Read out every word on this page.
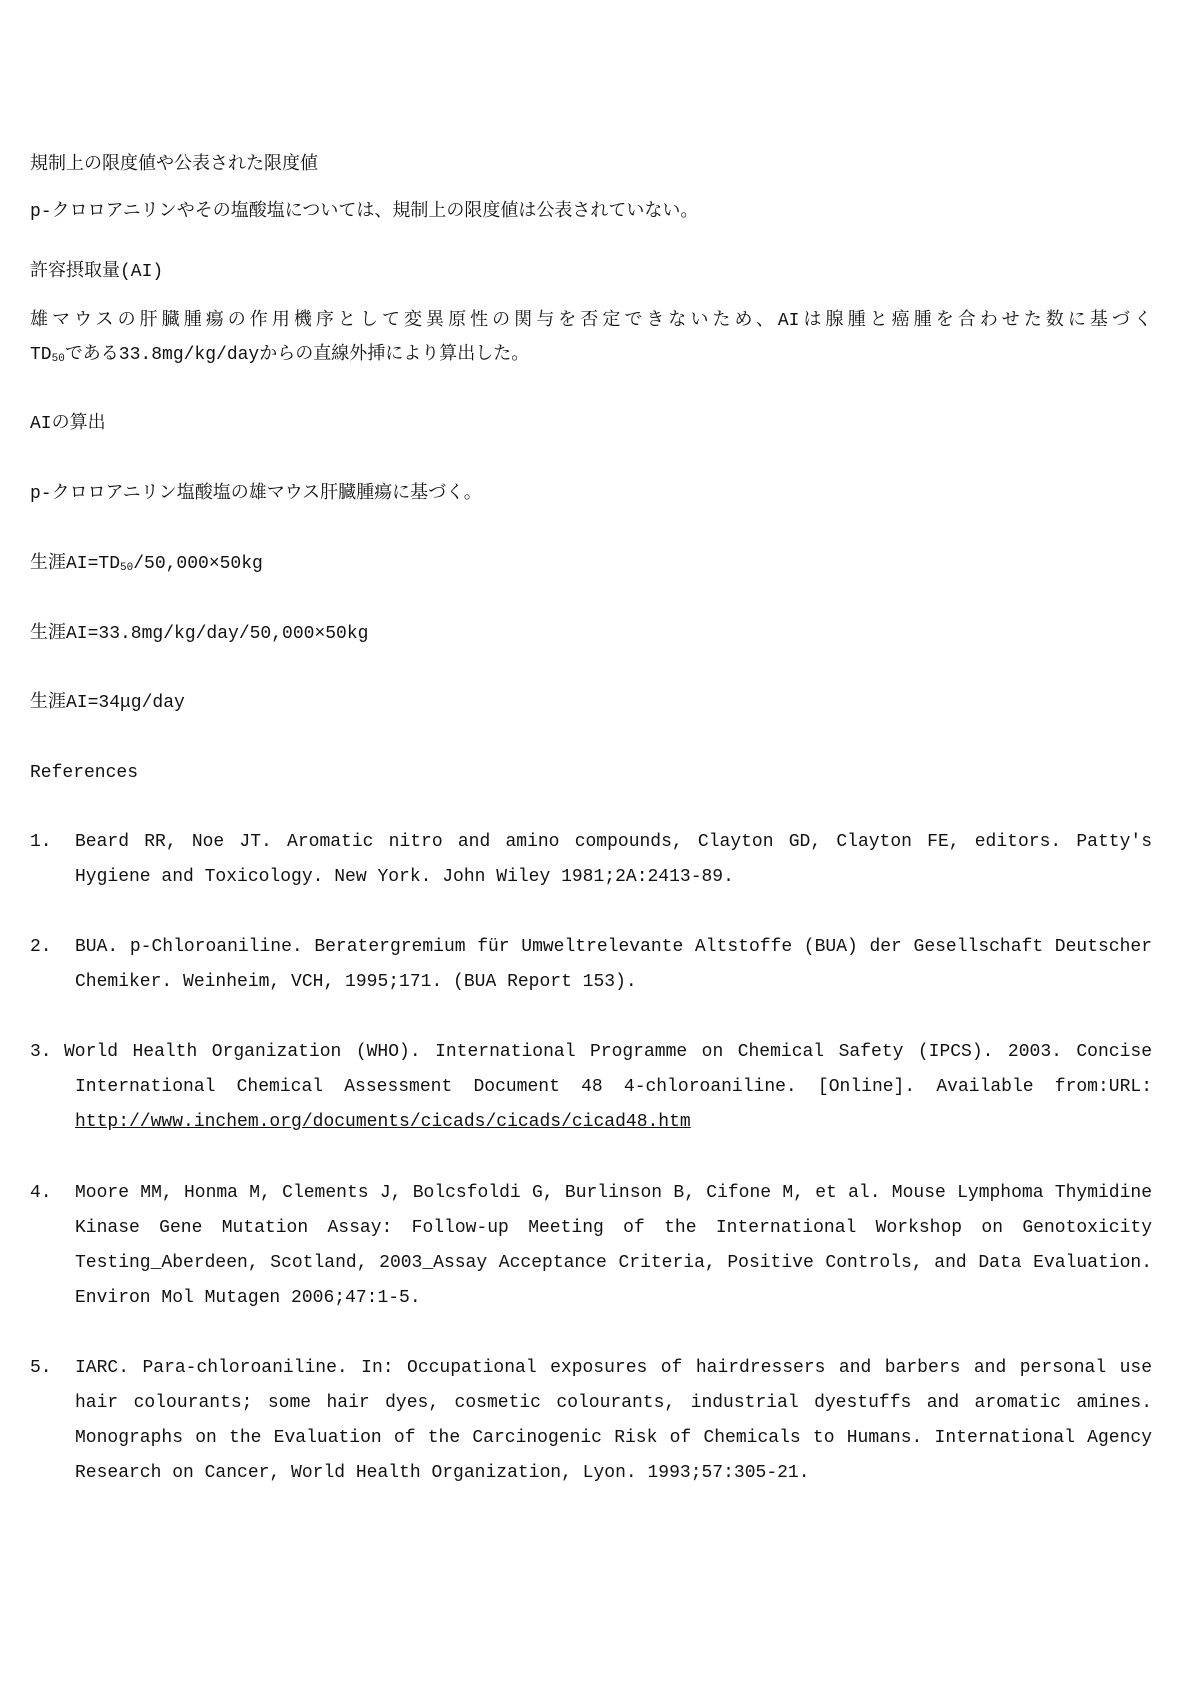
規制上の限度値や公表された限度値
p-クロロアニリンやその塩酸塩については、規制上の限度値は公表されていない。
許容摂取量(AI)
雄マウスの肝臓腫瘍の作用機序として変異原性の関与を否定できないため、AIは腺腫と癌腫を合わせた数に基づく
$TD_{50}$である33.8mg/kg/dayからの直線外挿により算出した。
AIの算出
p-クロロアニリン塩酸塩の雄マウス肝臓腫瘍に基づく。
生涯$AI=TD_{50}/50,000\times 50kg$
生涯AI=33.8mg/kg/day/50,000×50kg
生涯AI=34μg/day
References
1. Beard RR, Noe JT. Aromatic nitro and amino compounds, Clayton GD, Clayton FE, editors. Patty's
Hygiene and Toxicology. New York. John Wiley 1981;2A:2413-89.
2. BUA. p-Chloroaniline. Beratergremium für Umweltrelevante Altstoffe (BUA) der Gesellschaft Deutscher
Chemiker. Weinheim, VCH, 1995;171. (BUA Report 153).
3. World Health Organization (WHO). International Programme on Chemical Safety (IPCS). 2003. Concise
International Chemical Assessment Document 48 4-chloroaniline. [Online]. Available from:URL:
http://www.inchem.org/documents/cicads/cicads/cicad48.htm
4. Moore MM, Honma M, Clements J, Bolcsfoldi G, Burlinson B, Cifone M, et al. Mouse Lymphoma Thymidine
Kinase Gene Mutation Assay: Follow-up Meeting of the International Workshop on Genotoxicity
Testing_Aberdeen, Scotland, 2003_Assay Acceptance Criteria, Positive Controls, and Data Evaluation.
Environ Mol Mutagen 2006;47:1-5.
5. IARC. Para-chloroaniline. In: Occupational exposures of hairdressers and barbers and personal use
hair colourants; some hair dyes, cosmetic colourants, industrial dyestuffs and aromatic amines.
Monographs on the Evaluation of the Carcinogenic Risk of Chemicals to Humans. International Agency
Research on Cancer, World Health Organization, Lyon. 1993;57:305-21.
